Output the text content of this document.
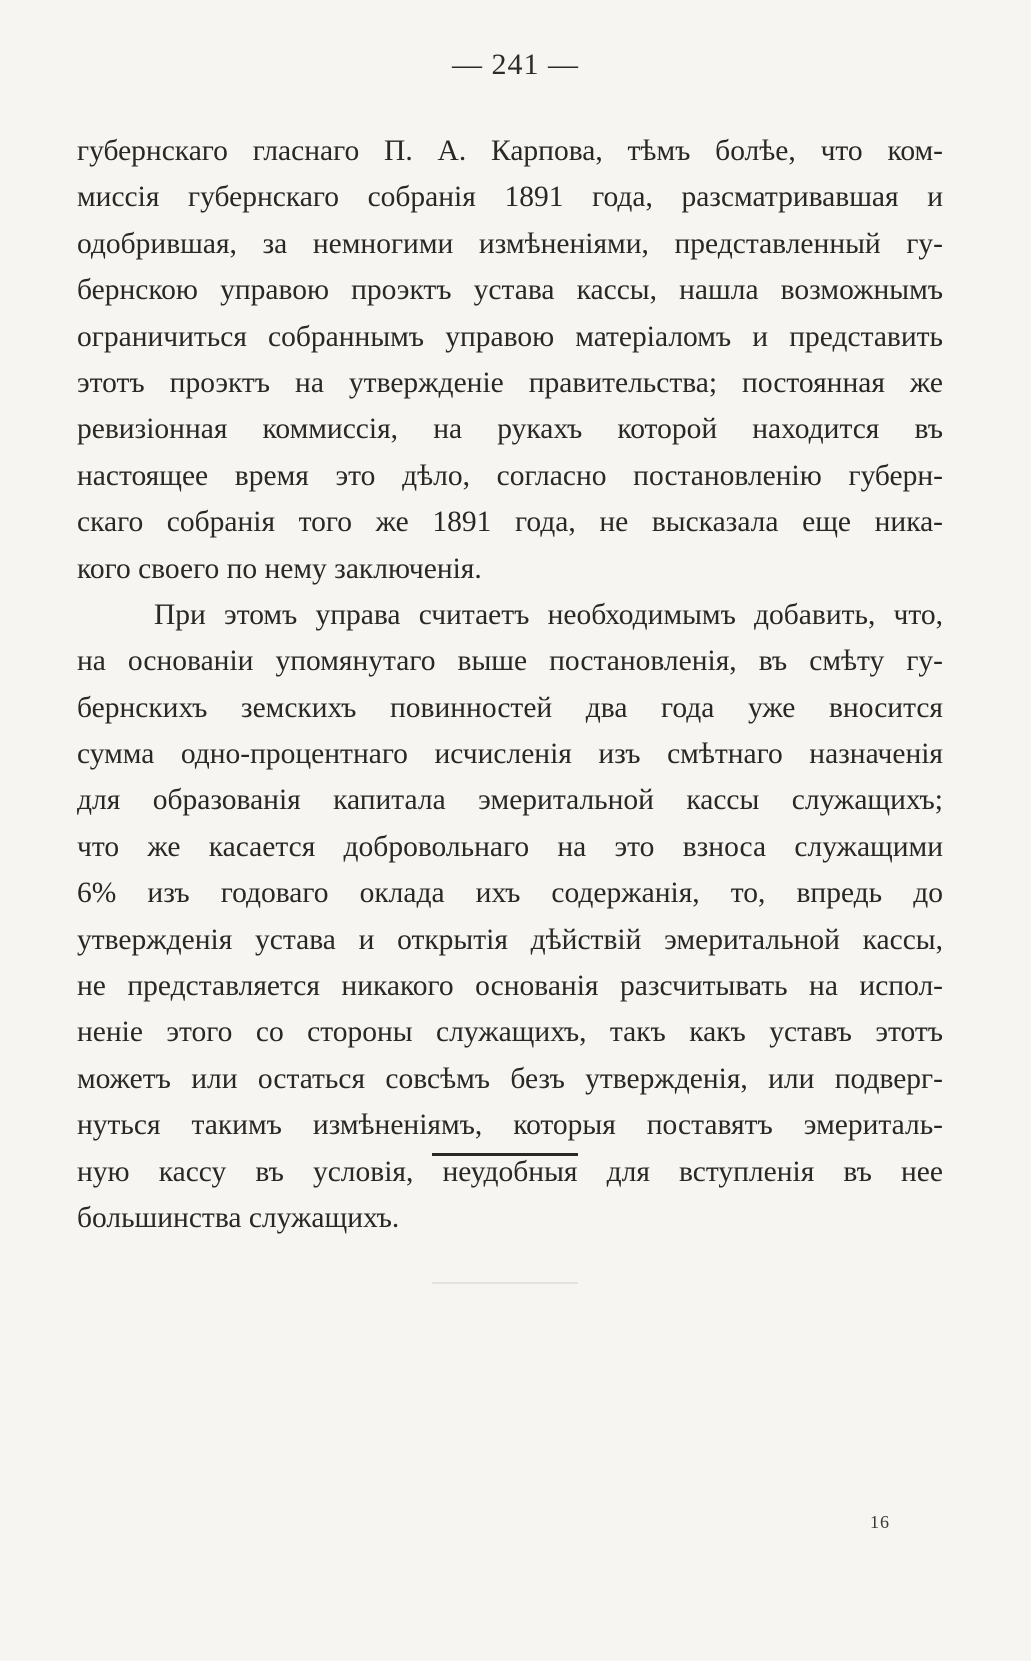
— 241 —
губернскаго гласнаго П. А. Карпова, тѣмъ болѣе, что ком-
миссія губернскаго собранія 1891 года, разсматривавшая и
одобрившая, за немногими измѣненіями, представленный гу-
бернскою управою проэктъ устава кассы, нашла возможнымъ
ограничиться собраннымъ управою матеріаломъ и представить
этотъ проэктъ на утвержденіе правительства; постоянная же
ревизіонная коммиссія, на рукахъ которой находится въ
настоящее время это дѣло, согласно постановленію губерн-
скаго собранія того же 1891 года, не высказала еще ника-
кого своего по нему заключенія.
При этомъ управа считаетъ необходимымъ добавить, что,
на основаніи упомянутаго выше постановленія, въ смѣту гу-
бернскихъ земскихъ повинностей два года уже вносится
сумма одно-процентнаго исчисленія изъ смѣтнаго назначенія
для образованія капитала эмеритальной кассы служащихъ;
что же касается добровольнаго на это взноса служащими
6% изъ годоваго оклада ихъ содержанія, то, впредь до
утвержденія устава и открытія дѣйствій эмеритальной кассы,
не представляется никакого основанія разсчитывать на испол-
неніе этого со стороны служащихъ, такъ какъ уставъ этотъ
можетъ или остаться совсѣмъ безъ утвержденія, или подверг-
нуться такимъ измѣненіямъ, которыя поставятъ эмериталь-
ную кассу въ условія, неудобныя для вступленія въ нее
большинства служащихъ.
16
